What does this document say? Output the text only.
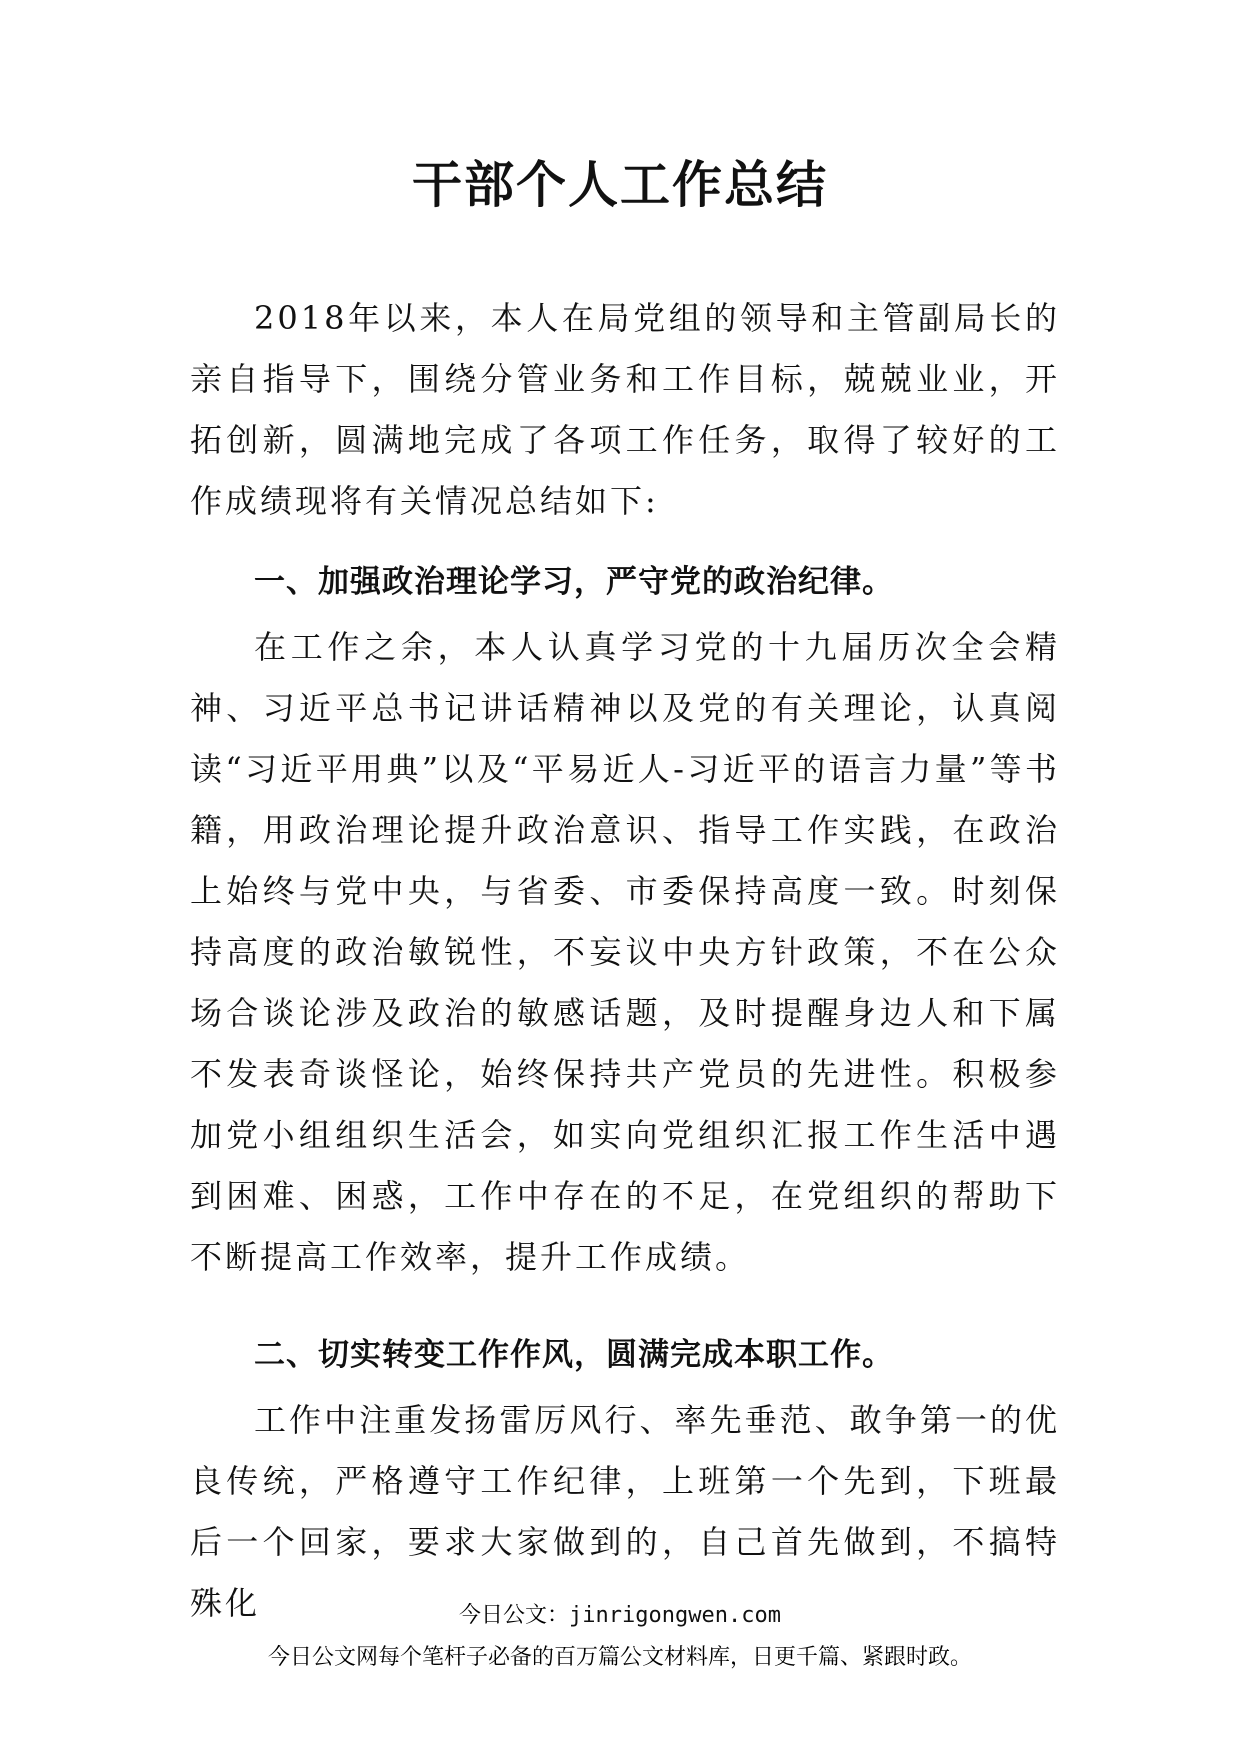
干部个人工作总结

2018年以来，本人在局党组的领导和主管副局长的亲自指导下，围绕分管业务和工作目标，兢兢业业，开拓创新，圆满地完成了各项工作任务，取得了较好的工作成绩现将有关情况总结如下:

一、加强政治理论学习，严守党的政治纪律。

在工作之余，本人认真学习党的十九届历次全会精神、习近平总书记讲话精神以及党的有关理论，认真阅读“习近平用典”以及“平易近人-习近平的语言力量”等书籍，用政治理论提升政治意识、指导工作实践，在政治上始终与党中央，与省委、市委保持高度一致。时刻保持高度的政治敏锐性，不妄议中央方针政策，不在公众场合谈论涉及政治的敏感话题，及时提醒身边人和下属不发表奇谈怪论，始终保持共产党员的先进性。积极参加党小组组织生活会，如实向党组织汇报工作生活中遇到困难、困惑，工作中存在的不足，在党组织的帮助下不断提高工作效率，提升工作成绩。

二、切实转变工作作风，圆满完成本职工作。

工作中注重发扬雷厉风行、率先垂范、敢争第一的优良传统，严格遵守工作纪律，上班第一个先到，下班最后一个回家，要求大家做到的，自己首先做到，不搞特殊化	今日公文：jinrigongwen.com
今日公文网每个笔杆子必备的百万篇公文材料库，日更千篇、紧跟时政。
